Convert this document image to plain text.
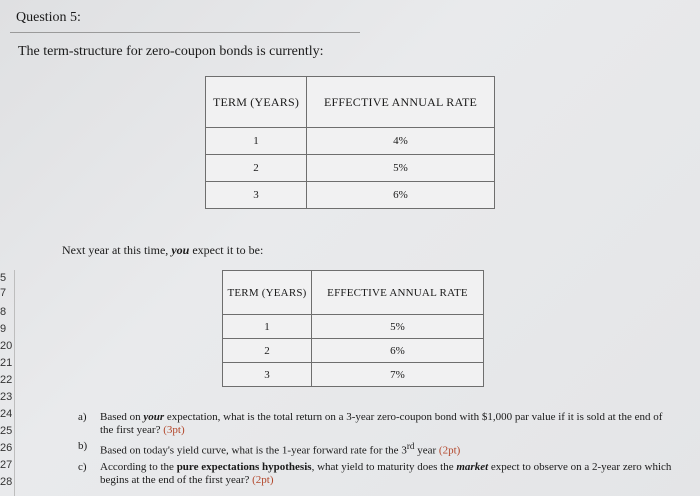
5
7
8
9
20
21
22
23
24
25
26
27
28
Question 5:
The term-structure for zero-coupon bonds is currently:
TERM (YEARS)	EFFECTIVE ANNUAL RATE
1	4%
2	5%
3	6%
Next year at this time, you expect it to be:
TERM (YEARS)	EFFECTIVE ANNUAL RATE
1	5%
2	6%
3	7%
a) Based on your expectation, what is the total return on a 3-year zero-coupon bond with $1,000 par value if it is sold at the end of the first year? (3pt)
b) Based on today's yield curve, what is the 1-year forward rate for the 3rd year (2pt)
c) According to the pure expectations hypothesis, what yield to maturity does the market expect to observe on a 2-year zero which begins at the end of the first year? (2pt)
